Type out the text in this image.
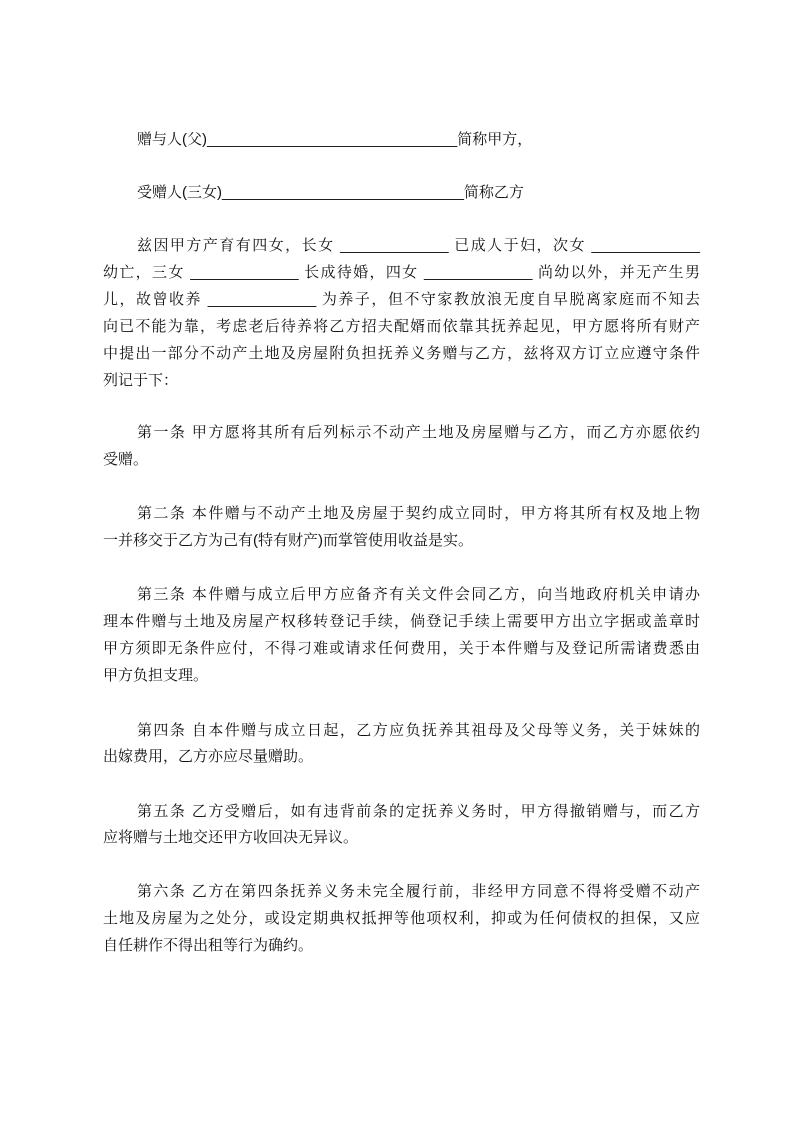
赠与人(父)______________________________简称甲方，
受赠人(三女)_____________________________简称乙方
兹因甲方产育有四女，长女 _____________ 已成人于妇，次女 _____________
幼亡，三女 _____________ 长成待婚，四女 _____________ 尚幼以外，并无产生男
儿，故曾收养 _____________ 为养子，但不守家教放浪无度自早脱离家庭而不知去
向已不能为靠，考虑老后待养将乙方招夫配婿而依靠其抚养起见，甲方愿将所有财产
中提出一部分不动产土地及房屋附负担抚养义务赠与乙方，兹将双方订立应遵守条件
列记于下：
第一条 甲方愿将其所有后列标示不动产土地及房屋赠与乙方，而乙方亦愿依约
受赠。
第二条 本件赠与不动产土地及房屋于契约成立同时，甲方将其所有权及地上物
一并移交于乙方为己有(特有财产)而掌管使用收益是实。
第三条 本件赠与成立后甲方应备齐有关文件会同乙方，向当地政府机关申请办
理本件赠与土地及房屋产权移转登记手续，倘登记手续上需要甲方出立字据或盖章时
甲方须即无条件应付，不得刁难或请求任何费用，关于本件赠与及登记所需诸费悉由
甲方负担支理。
第四条 自本件赠与成立日起，乙方应负抚养其祖母及父母等义务，关于妹妹的
出嫁费用，乙方亦应尽量赠助。
第五条 乙方受赠后，如有违背前条的定抚养义务时，甲方得撤销赠与，而乙方
应将赠与土地交还甲方收回决无异议。
第六条 乙方在第四条抚养义务未完全履行前，非经甲方同意不得将受赠不动产
土地及房屋为之处分，或设定期典权抵押等他项权利，抑或为任何债权的担保，又应
自任耕作不得出租等行为确约。
